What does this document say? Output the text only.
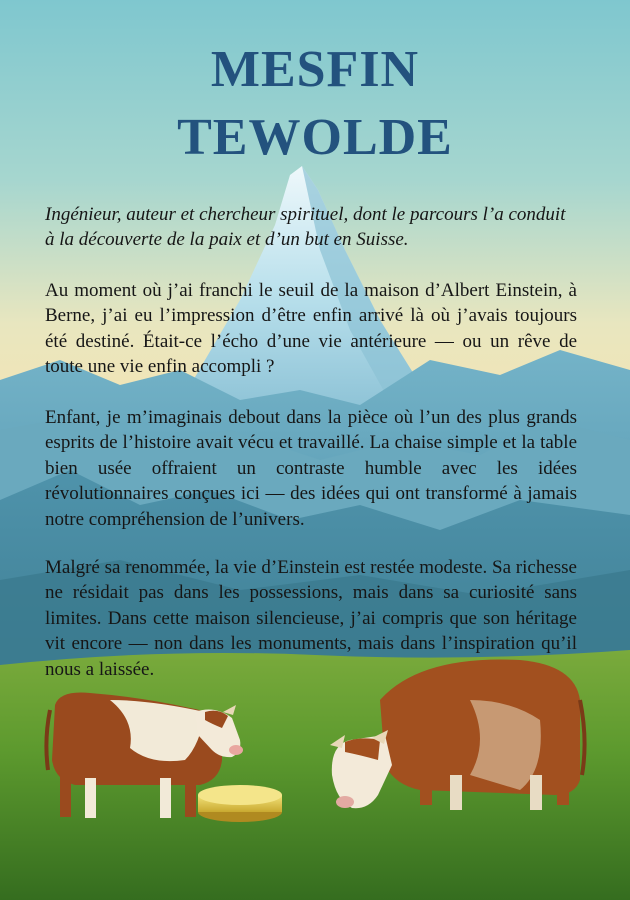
MESFIN
TEWOLDE

Ingénieur, auteur et chercheur spirituel, dont le parcours l’a conduit à la découverte de la paix et d’un but en Suisse.

Au moment où j’ai franchi le seuil de la maison d’Albert Einstein, à Berne, j’ai eu l’impression d’être enfin arrivé là où j’avais toujours été destiné. Était-ce l’écho d’une vie antérieure — ou un rêve de toute une vie enfin accompli ?

Enfant, je m’imaginais debout dans la pièce où l’un des plus grands esprits de l’histoire avait vécu et travaillé. La chaise simple et la table bien usée offraient un contraste humble avec les idées révolutionnaires conçues ici — des idées qui ont transformé à jamais notre compréhension de l’univers.

Malgré sa renommée, la vie d’Einstein est restée modeste. Sa richesse ne résidait pas dans les possessions, mais dans sa curiosité sans limites. Dans cette maison silencieuse, j’ai compris que son héritage vit encore — non dans les monuments, mais dans l’inspiration qu’il nous a laissée.
